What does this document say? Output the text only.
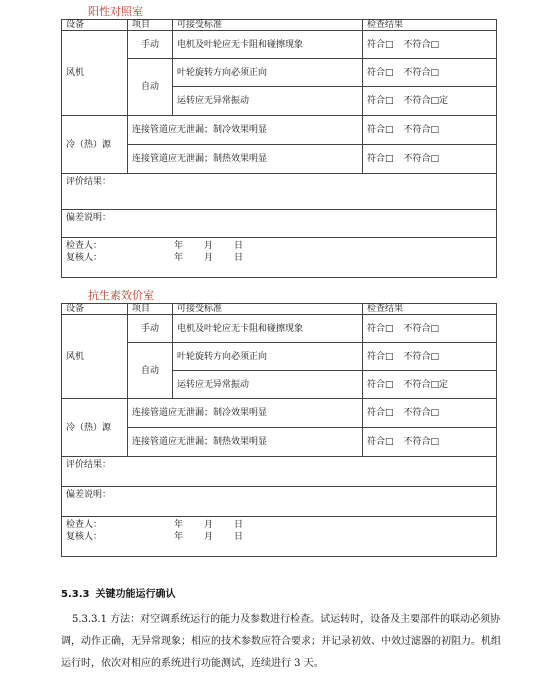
阳性对照室
设备	项目	可接受标准	检查结果
风机	手动	电机及叶轮应无卡阻和碰擦现象	符合□ 不符合□
	自动	叶轮旋转方向必须正向	符合□ 不符合□
		运转应无异常振动	符合□ 不符合□定
冷（热）源	连接管道应无泄漏；制冷效果明显		符合□ 不符合□
	连接管道应无泄漏；制热效果明显		符合□ 不符合□
评价结果：			
偏差说明：			

检查人： 年 月 日
复核人： 年 月 日			
抗生素效价室
设备	项目	可接受标准	检查结果
风机	手动	电机及叶轮应无卡阻和碰擦现象	符合□ 不符合□
	自动	叶轮旋转方向必须正向	符合□ 不符合□
		运转应无异常振动	符合□ 不符合□定
冷（热）源	连接管道应无泄漏；制冷效果明显		符合□ 不符合□
	连接管道应无泄漏；制热效果明显		符合□ 不符合□
评价结果：			
偏差说明：			

检查人： 年 月 日
复核人： 年 月 日			
5.3.3 关键功能运行确认
5.3.3.1 方法：对空调系统运行的能力及参数进行检查。试运转时，设备及主要部件的联动必须协调，动作正确，无异常现象；相应的技术参数应符合要求；并记录初效、中效过滤器的初阻力。机组运行时，依次对相应的系统进行功能测试，连续进行 3 天。
